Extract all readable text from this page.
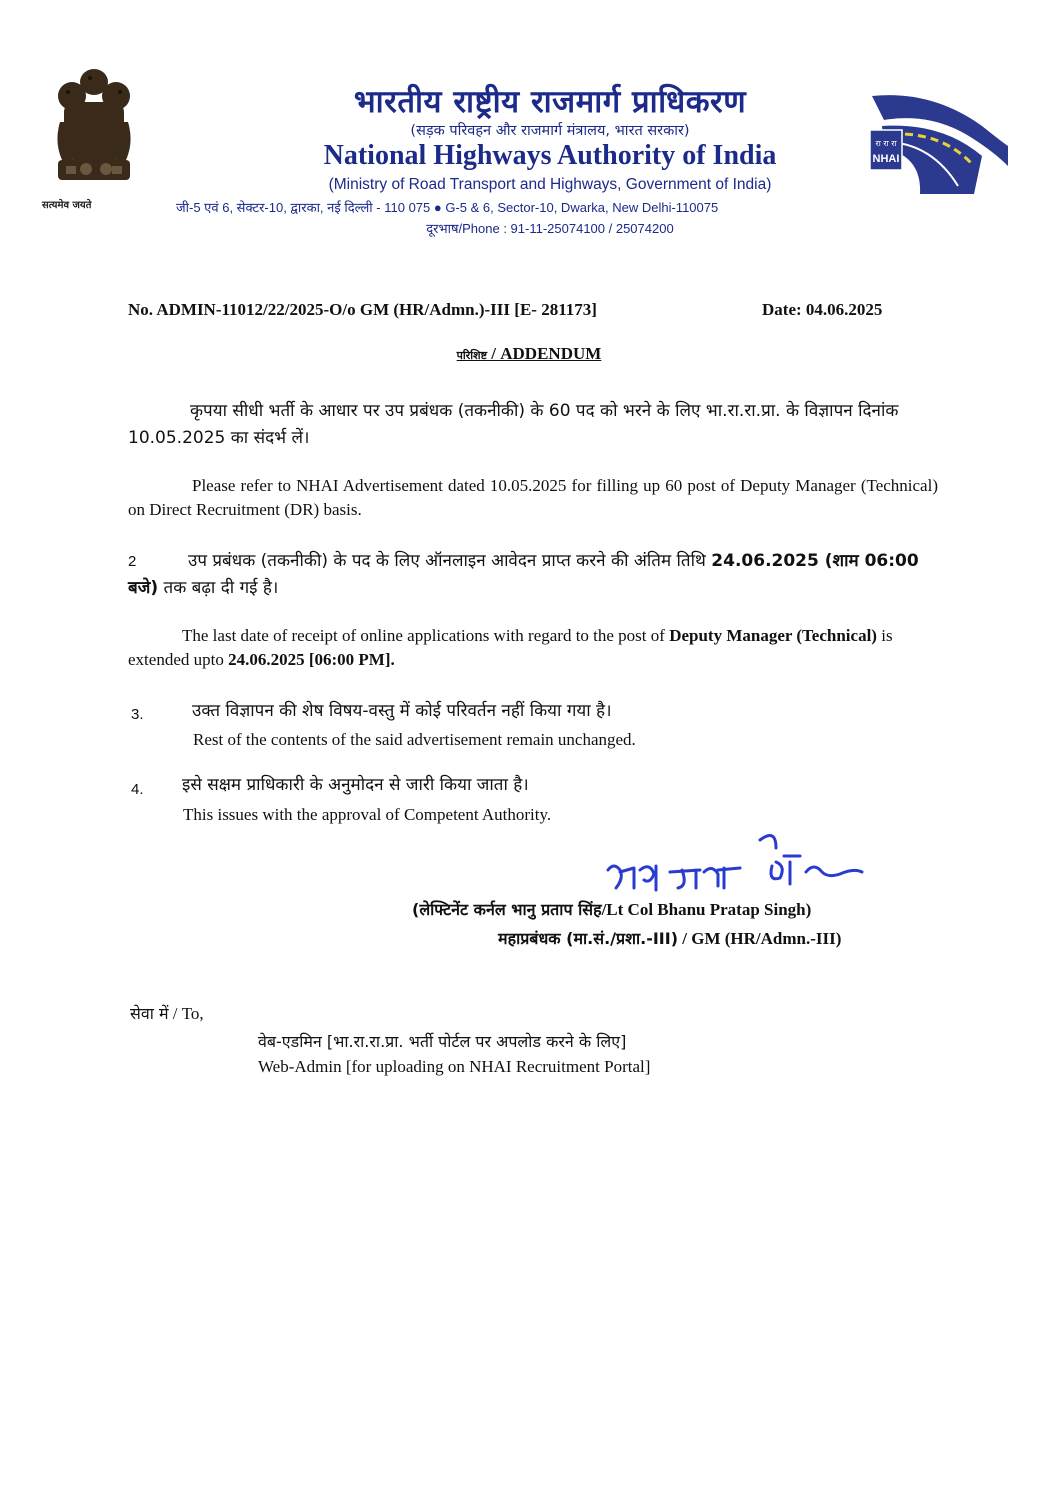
सत्यमेव जयते
रा रा रा
NHAI
भारतीय राष्ट्रीय राजमार्ग प्राधिकरण
(सड़क परिवहन और राजमार्ग मंत्रालय, भारत सरकार)
National Highways Authority of India
(Ministry of Road Transport and Highways, Government of India)
जी-5 एवं 6, सेक्टर-10, द्वारका, नई दिल्ली - 110 075 ● G-5 & 6, Sector-10, Dwarka, New Delhi-110075
दूरभाष/Phone : 91-11-25074100 / 25074200
No. ADMIN-11012/22/2025-O/o GM (HR/Admn.)-III [E- 281173]	Date: 04.06.2025
परिशिष्ट / ADDENDUM
कृपया सीधी भर्ती के आधार पर उप प्रबंधक (तकनीकी) के 60 पद को भरने के लिए भा.रा.रा.प्रा. के विज्ञापन दिनांक 10.05.2025 का संदर्भ लें।
Please refer to NHAI Advertisement dated 10.05.2025 for filling up 60 post of Deputy Manager (Technical) on Direct Recruitment (DR) basis.
2	उप प्रबंधक (तकनीकी) के पद के लिए ऑनलाइन आवेदन प्राप्त करने की अंतिम तिथि 24.06.2025 (शाम 06:00 बजे) तक बढ़ा दी गई है।
The last date of receipt of online applications with regard to the post of Deputy Manager (Technical) is extended upto 24.06.2025 [06:00 PM].
3.	उक्त विज्ञापन की शेष विषय-वस्तु में कोई परिवर्तन नहीं किया गया है।
Rest of the contents of the said advertisement remain unchanged.
4. इसे सक्षम प्राधिकारी के अनुमोदन से जारी किया जाता है।
This issues with the approval of Competent Authority.
(लेफ्टिनेंट कर्नल भानु प्रताप सिंह/Lt Col Bhanu Pratap Singh)
महाप्रबंधक (मा.सं./प्रशा.-III) / GM (HR/Admn.-III)
सेवा में / To,
वेब-एडमिन [भा.रा.रा.प्रा. भर्ती पोर्टल पर अपलोड करने के लिए]
Web-Admin [for uploading on NHAI Recruitment Portal]
